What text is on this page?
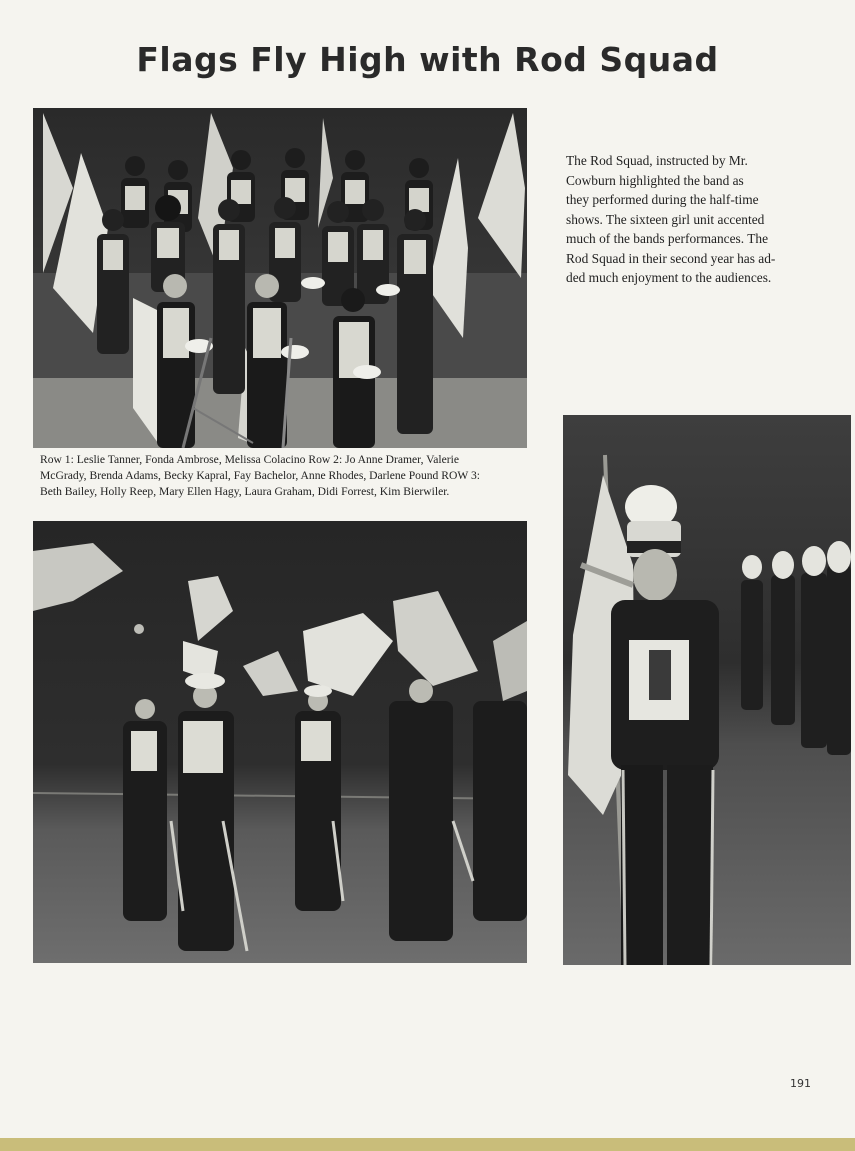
Flags Fly High with Rod Squad
The Rod Squad, instructed by Mr.
Cowburn highlighted the band as
they performed during the half-time
shows. The sixteen girl unit accented
much of the bands performances. The
Rod Squad in their second year has ad-
ded much enjoyment to the audiences.
Row 1: Leslie Tanner, Fonda Ambrose, Melissa Colacino Row 2: Jo Anne Dramer, Valerie
McGrady, Brenda Adams, Becky Kapral, Fay Bachelor, Anne Rhodes, Darlene Pound ROW 3:
Beth Bailey, Holly Reep, Mary Ellen Hagy, Laura Graham, Didi Forrest, Kim Bierwiler.
191
